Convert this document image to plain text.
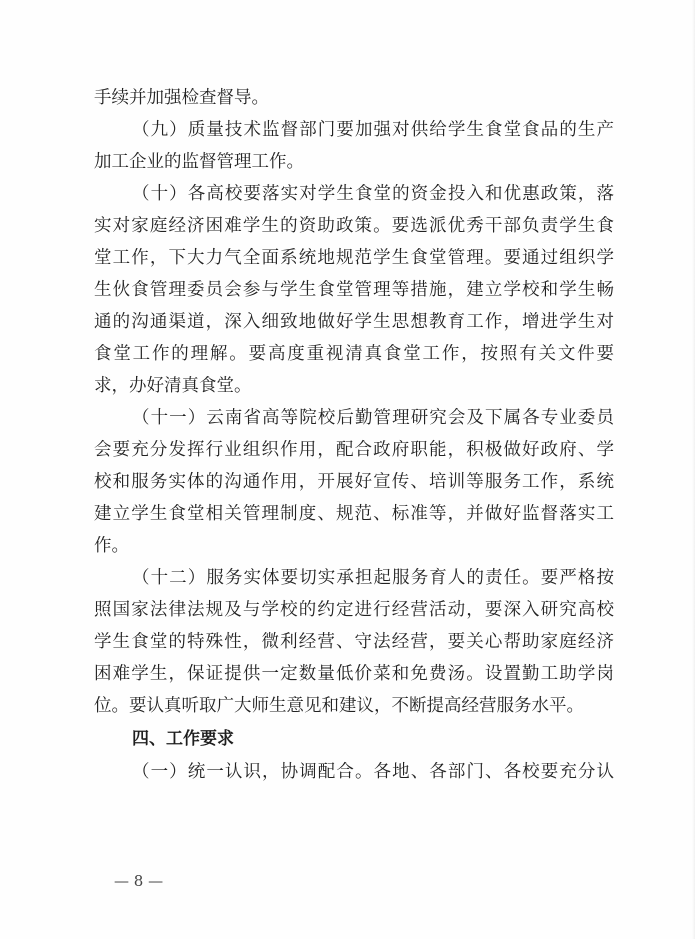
手续并加强检查督导。
（九）质量技术监督部门要加强对供给学生食堂食品的生产
加工企业的监督管理工作。
（十）各高校要落实对学生食堂的资金投入和优惠政策，落
实对家庭经济困难学生的资助政策。要选派优秀干部负责学生食
堂工作，下大力气全面系统地规范学生食堂管理。要通过组织学
生伙食管理委员会参与学生食堂管理等措施，建立学校和学生畅
通的沟通渠道，深入细致地做好学生思想教育工作，增进学生对
食堂工作的理解。要高度重视清真食堂工作，按照有关文件要
求，办好清真食堂。
（十一）云南省高等院校后勤管理研究会及下属各专业委员
会要充分发挥行业组织作用，配合政府职能，积极做好政府、学
校和服务实体的沟通作用，开展好宣传、培训等服务工作，系统
建立学生食堂相关管理制度、规范、标准等，并做好监督落实工
作。
（十二）服务实体要切实承担起服务育人的责任。要严格按
照国家法律法规及与学校的约定进行经营活动，要深入研究高校
学生食堂的特殊性，微利经营、守法经营，要关心帮助家庭经济
困难学生，保证提供一定数量低价菜和免费汤。设置勤工助学岗
位。要认真听取广大师生意见和建议，不断提高经营服务水平。
四、工作要求
（一）统一认识，协调配合。各地、各部门、各校要充分认
— 8 —
